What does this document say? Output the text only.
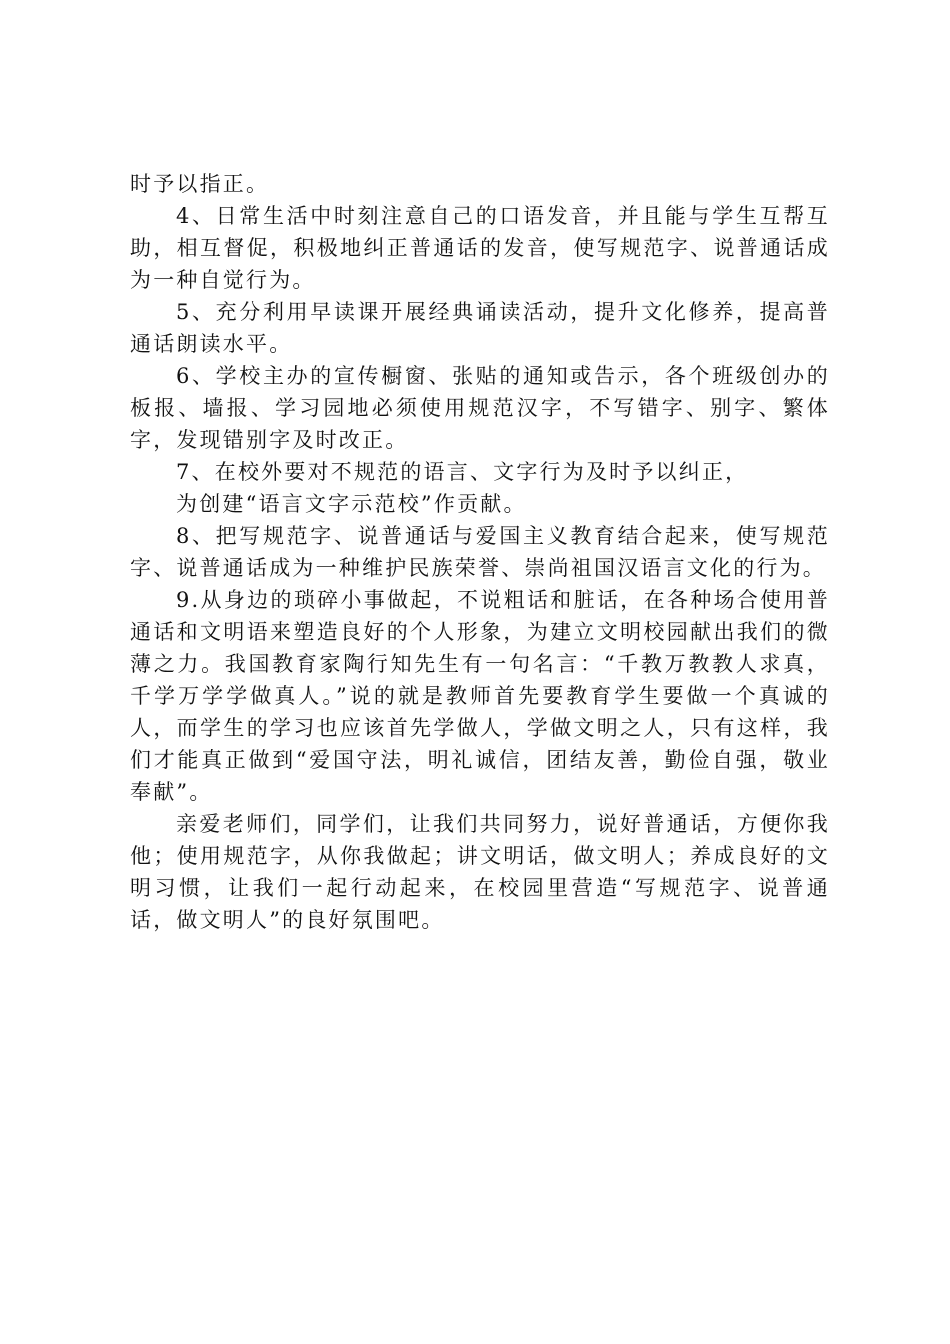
时予以指正。

4、日常生活中时刻注意自己的口语发音，并且能与学生互帮互助，相互督促，积极地纠正普通话的发音，使写规范字、说普通话成为一种自觉行为。

5、充分利用早读课开展经典诵读活动，提升文化修养，提高普通话朗读水平。

6、学校主办的宣传橱窗、张贴的通知或告示，各个班级创办的板报、墙报、学习园地必须使用规范汉字，不写错字、别字、繁体字，发现错别字及时改正。

7、在校外要对不规范的语言、文字行为及时予以纠正，

为创建“语言文字示范校”作贡献。

8、把写规范字、说普通话与爱国主义教育结合起来，使写规范字、说普通话成为一种维护民族荣誉、崇尚祖国汉语言文化的行为。

9.从身边的琐碎小事做起，不说粗话和脏话，在各种场合使用普通话和文明语来塑造良好的个人形象，为建立文明校园献出我们的微薄之力。我国教育家陶行知先生有一句名言：“千教万教教人求真，千学万学学做真人。”说的就是教师首先要教育学生要做一个真诚的人，而学生的学习也应该首先学做人，学做文明之人，只有这样，我们才能真正做到“爱国守法，明礼诚信，团结友善，勤俭自强，敬业奉献”。

亲爱老师们，同学们，让我们共同努力，说好普通话，方便你我他；使用规范字，从你我做起；讲文明话，做文明人；养成良好的文明习惯，让我们一起行动起来，在校园里营造“写规范字、说普通话，做文明人”的良好氛围吧。
